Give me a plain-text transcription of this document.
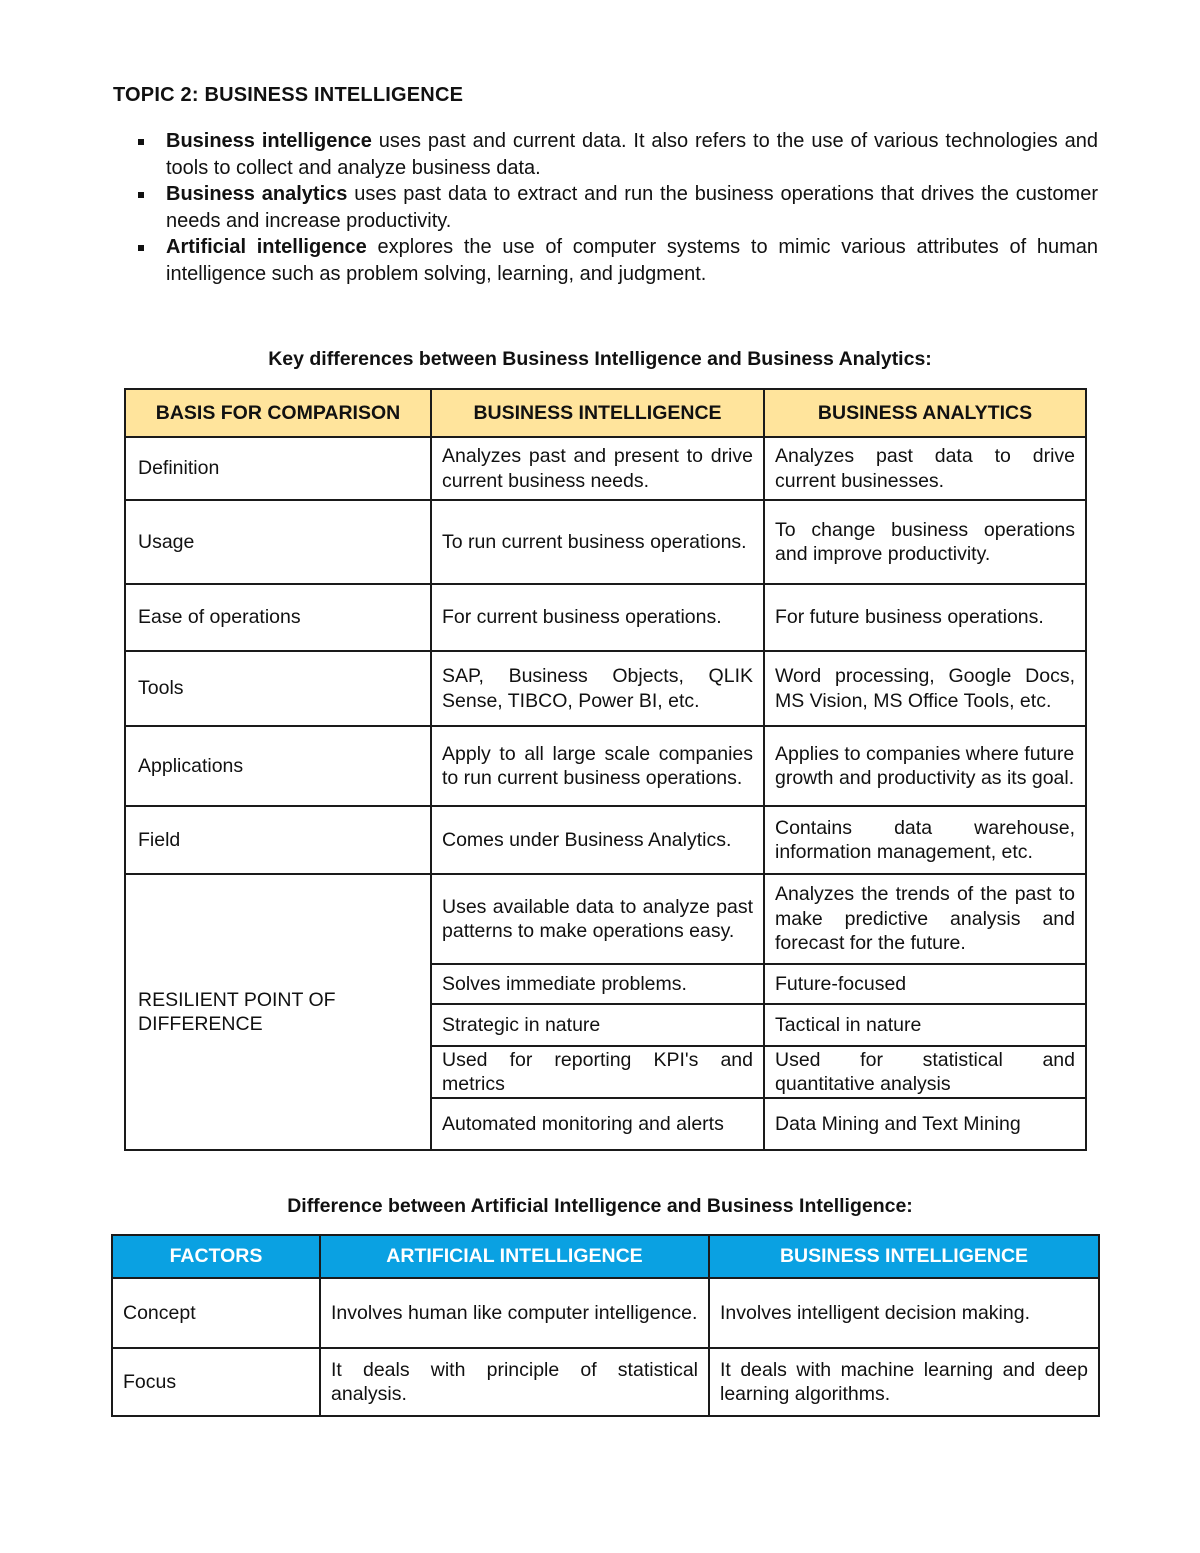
TOPIC 2: BUSINESS INTELLIGENCE
Business intelligence uses past and current data. It also refers to the use of various technologies and tools to collect and analyze business data.
Business analytics uses past data to extract and run the business operations that drives the customer needs and increase productivity.
Artificial intelligence explores the use of computer systems to mimic various attributes of human intelligence such as problem solving, learning, and judgment.
Key differences between Business Intelligence and Business Analytics:
BASIS FOR COMPARISON	BUSINESS INTELLIGENCE	BUSINESS ANALYTICS
Definition	Analyzes past and present to drive current business needs.	Analyzes past data to drive current businesses.
Usage	To run current business operations.	To change business operations and improve productivity.
Ease of operations	For current business operations.	For future business operations.
Tools	SAP, Business Objects, QLIK Sense, TIBCO, Power BI, etc.	Word processing, Google Docs, MS Vision, MS Office Tools, etc.
Applications	Apply to all large scale companies to run current business operations.	Applies to companies where future growth and productivity as its goal.
Field	Comes under Business Analytics.	Contains data warehouse, information management, etc.
RESILIENT POINT OF DIFFERENCE	Uses available data to analyze past patterns to make operations easy.	Analyzes the trends of the past to make predictive analysis and forecast for the future.
	Solves immediate problems.	Future-focused
	Strategic in nature	Tactical in nature
	Used for reporting KPI's and metrics	Used for statistical and quantitative analysis
	Automated monitoring and alerts	Data Mining and Text Mining
Difference between Artificial Intelligence and Business Intelligence:
FACTORS	ARTIFICIAL INTELLIGENCE	BUSINESS INTELLIGENCE
Concept	Involves human like computer intelligence.	Involves intelligent decision making.
Focus	It deals with principle of statistical analysis.	It deals with machine learning and deep learning algorithms.
